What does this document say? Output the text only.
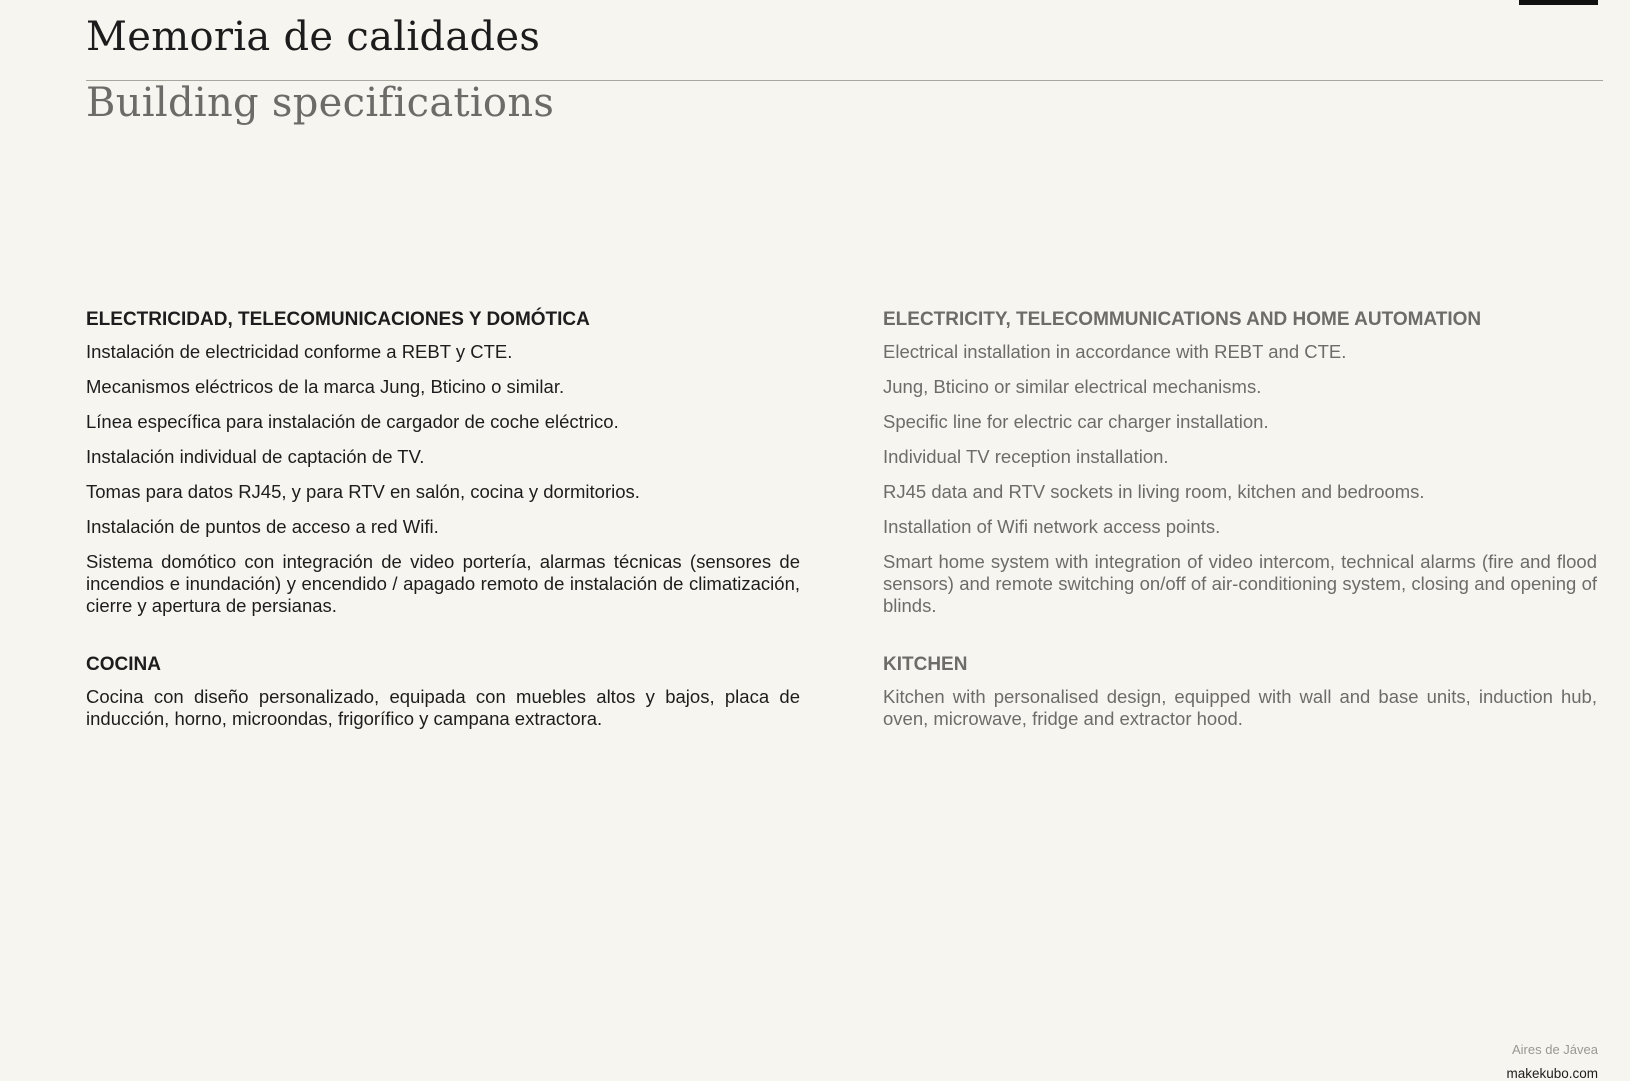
Memoria de calidades
Building specifications
ELECTRICIDAD, TELECOMUNICACIONES Y DOMÓTICA

Instalación de electricidad conforme a REBT y CTE.

Mecanismos eléctricos de la marca Jung, Bticino o similar.

Línea específica para instalación de cargador de coche eléctrico.

Instalación individual de captación de TV.

Tomas para datos RJ45, y para RTV en salón, cocina y dormitorios.

Instalación de puntos de acceso a red Wifi.

Sistema domótico con integración de video portería, alarmas técnicas (sensores de incendios e inundación) y encendido / apagado remoto de instalación de climatización, cierre y apertura de persianas.

COCINA

Cocina con diseño personalizado, equipada con muebles altos y bajos, placa de inducción, horno, microondas, frigorífico y campana extractora.

ELECTRICITY, TELECOMMUNICATIONS AND HOME AUTOMATION

Electrical installation in accordance with REBT and CTE.

Jung, Bticino or similar electrical mechanisms.

Specific line for electric car charger installation.

Individual TV reception installation.

RJ45 data and RTV sockets in living room, kitchen and bedrooms.

Installation of Wifi network access points.

Smart home system with integration of video intercom, technical alarms (fire and flood sensors) and remote switching on/off of air-conditioning system, closing and opening of blinds.

KITCHEN

Kitchen with personalised design, equipped with wall and base units, induction hub, oven, microwave, fridge and extractor hood.

Aires de Jávea
makekubo.com
